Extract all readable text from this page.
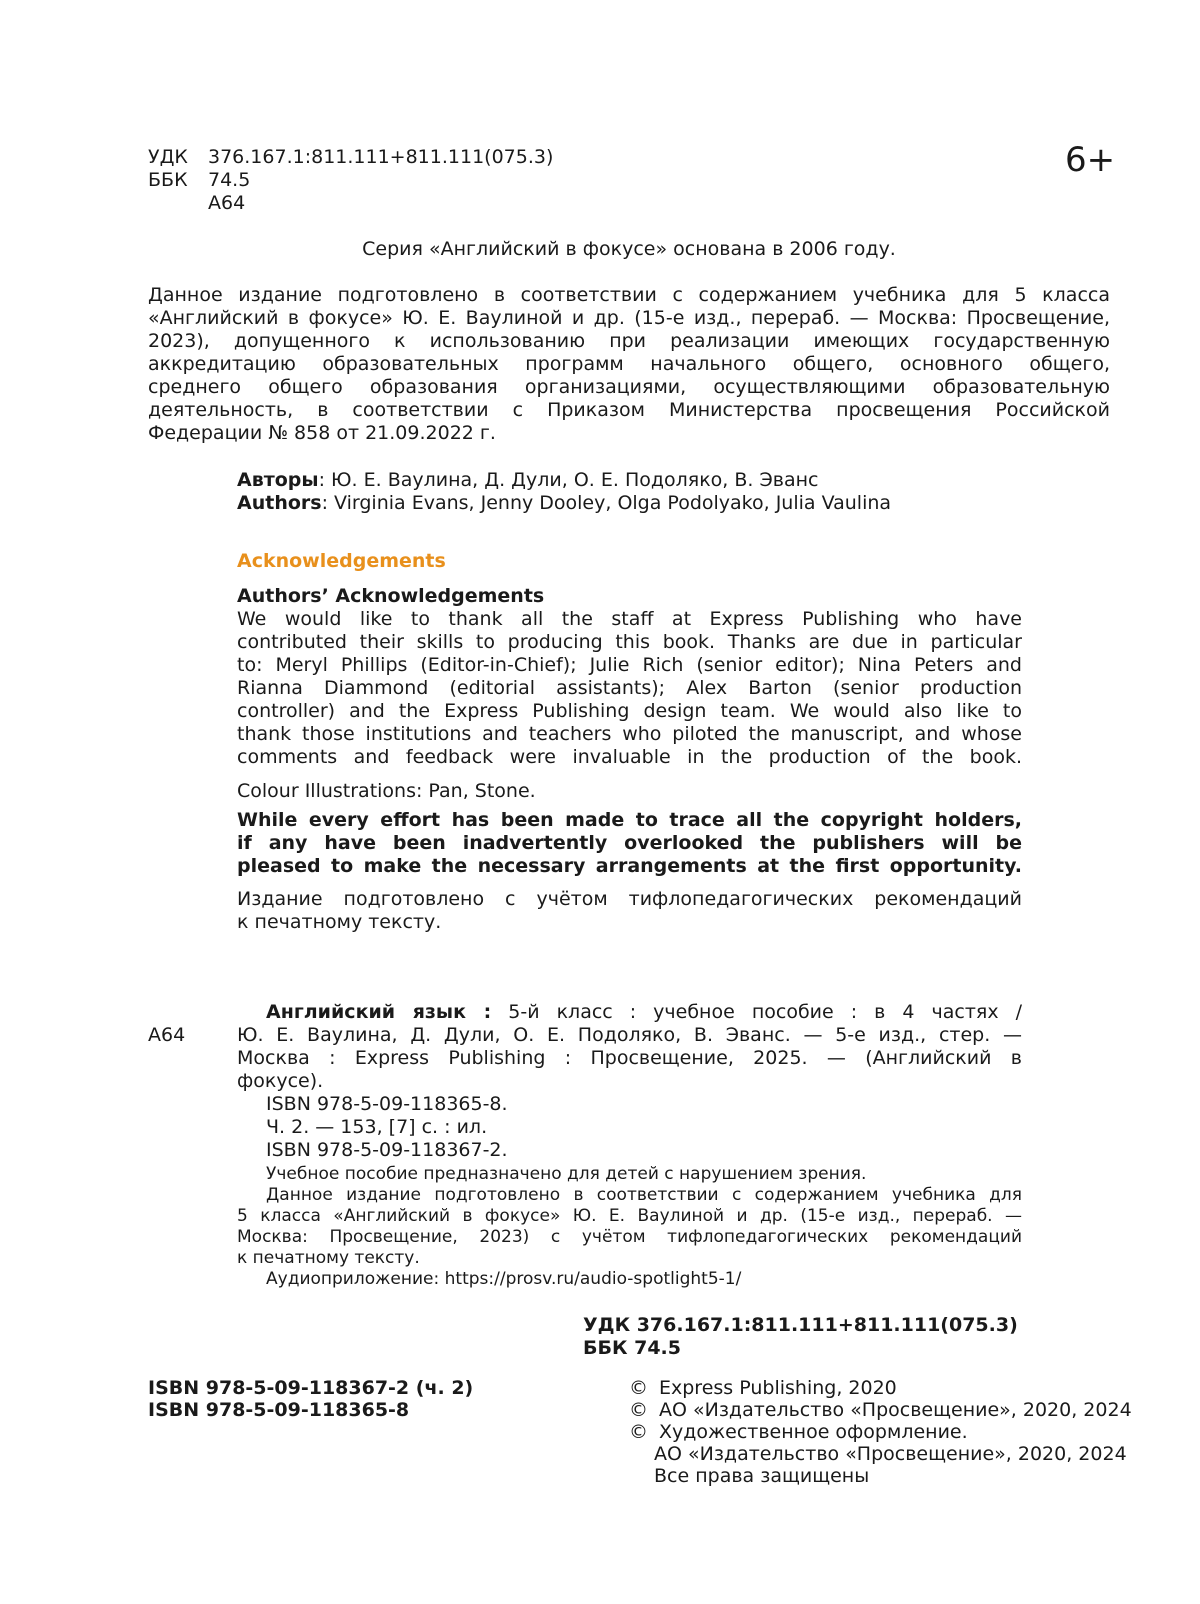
УДК	376.167.1:811.111+811.111(075.3)
ББК	74.5
А64
6+
Серия «Английский в фокусе» основана в 2006 году.
Данное издание подготовлено в соответствии с содержанием учебника для 5 класса
«Английский в фокусе» Ю. Е. Ваулиной и др. (15-е изд., перераб. — Москва: Просвещение,
2023), допущенного к использованию при реализации имеющих государственную
аккредитацию образовательных программ начального общего, основного общего,
среднего общего образования организациями, осуществляющими образовательную
деятельность, в соответствии с Приказом Министерства просвещения Российской
Федерации № 858 от 21.09.2022 г.
Авторы: Ю. Е. Ваулина, Д. Дули, О. Е. Подоляко, В. Эванс
Authors: Virginia Evans, Jenny Dooley, Olga Podolyako, Julia Vaulina
Acknowledgements
Authors’ Acknowledgements
We would like to thank all the staff at Express Publishing who have
contributed their skills to producing this book. Thanks are due in particular
to: Meryl Phillips (Editor-in-Chief); Julie Rich (senior editor); Nina Peters and
Rianna Diammond (editorial assistants); Alex Barton (senior production
controller) and the Express Publishing design team. We would also like to
thank those institutions and teachers who piloted the manuscript, and whose
comments and feedback were invaluable in the production of the book.
Colour Illustrations: Pan, Stone.
While every effort has been made to trace all the copyright holders,
if any have been inadvertently overlooked the publishers will be
pleased to make the necessary arrangements at the first opportunity.
Издание подготовлено с учётом тифлопедагогических рекомендаций
к печатному тексту.
А64
Английский язык : 5-й класс : учебное пособие : в 4 частях /
Ю. Е. Ваулина, Д. Дули, О. Е. Подоляко, В. Эванс. — 5-е изд., стер. —
Москва : Express Publishing : Просвещение, 2025. — (Английский в
фокусе).
ISBN 978-5-09-118365-8.
Ч. 2. — 153, [7] с. : ил.
ISBN 978-5-09-118367-2.
Учебное пособие предназначено для детей с нарушением зрения.
Данное издание подготовлено в соответствии с содержанием учебника для
5 класса «Английский в фокусе» Ю. Е. Ваулиной и др. (15-е изд., перераб. —
Москва: Просвещение, 2023) с учётом тифлопедагогических рекомендаций
к печатному тексту.
Аудиоприложение: https://prosv.ru/audio-spotlight5-1/
УДК 376.167.1:811.111+811.111(075.3)
ББК 74.5
ISBN 978-5-09-118367-2 (ч. 2)
ISBN 978-5-09-118365-8
© Express Publishing, 2020
© АО «Издательство «Просвещение», 2020, 2024
© Художественное оформление.
АО «Издательство «Просвещение», 2020, 2024
Все права защищены
